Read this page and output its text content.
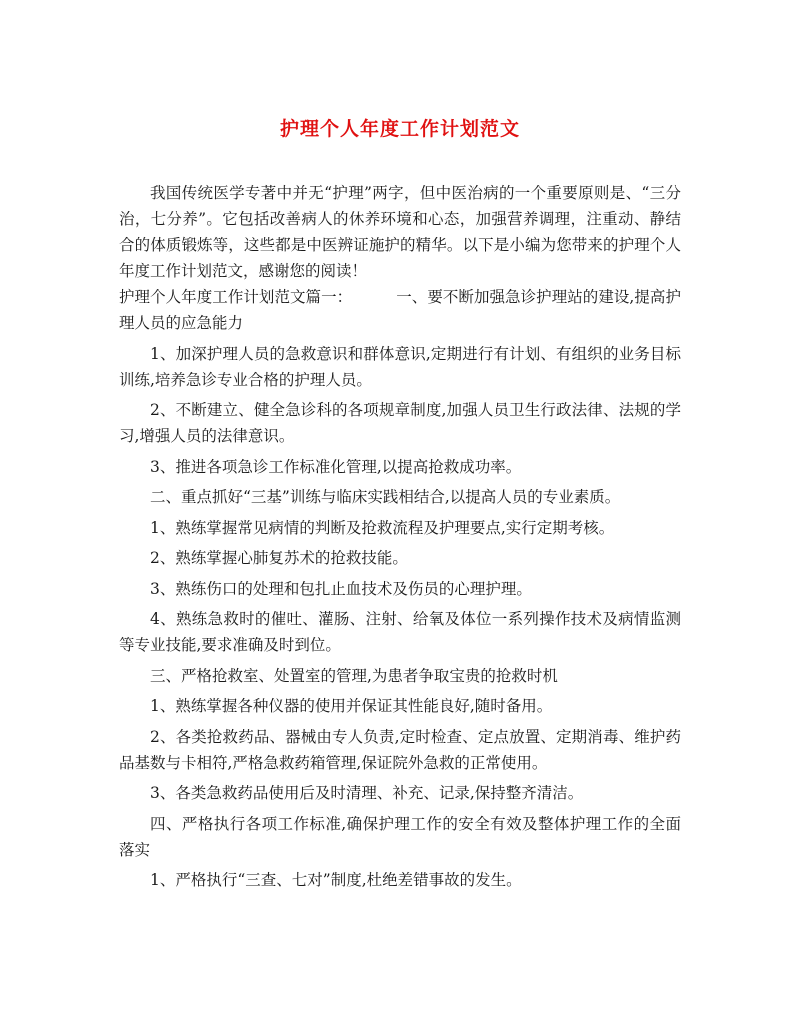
护理个人年度工作计划范文

我国传统医学专著中并无“护理”两字，但中医治病的一个重要原则是、“三分治，七分养”。它包括改善病人的休养环境和心态，加强营养调理，注重动、静结合的体质锻炼等，这些都是中医辨证施护的精华。以下是小编为您带来的护理个人年度工作计划范文，感谢您的阅读！

护理个人年度工作计划范文篇一：	一、要不断加强急诊护理站的建设,提高护理人员的应急能力

1、加深护理人员的急救意识和群体意识,定期进行有计划、有组织的业务目标训练,培养急诊专业合格的护理人员。

2、不断建立、健全急诊科的各项规章制度,加强人员卫生行政法律、法规的学习,增强人员的法律意识。

3、推进各项急诊工作标准化管理,以提高抢救成功率。

二、重点抓好“三基”训练与临床实践相结合,以提高人员的专业素质。

1、熟练掌握常见病情的判断及抢救流程及护理要点,实行定期考核。

2、熟练掌握心肺复苏术的抢救技能。

3、熟练伤口的处理和包扎止血技术及伤员的心理护理。

4、熟练急救时的催吐、灌肠、注射、给氧及体位一系列操作技术及病情监测等专业技能,要求准确及时到位。

三、严格抢救室、处置室的管理,为患者争取宝贵的抢救时机

1、熟练掌握各种仪器的使用并保证其性能良好,随时备用。

2、各类抢救药品、器械由专人负责,定时检查、定点放置、定期消毒、维护药品基数与卡相符,严格急救药箱管理,保证院外急救的正常使用。

3、各类急救药品使用后及时清理、补充、记录,保持整齐清洁。

四、严格执行各项工作标准,确保护理工作的安全有效及整体护理工作的全面落实

1、严格执行“三查、七对”制度,杜绝差错事故的发生。
